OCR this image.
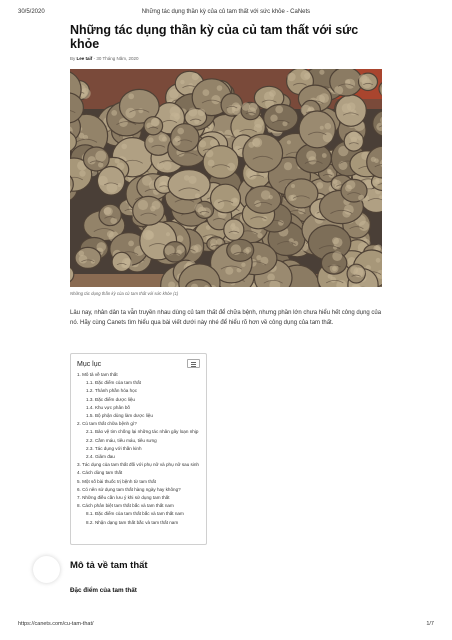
30/5/2020	Những tác dụng thần kỳ của củ tam thất với sức khỏe - CaNets
Những tác dụng thần kỳ của củ tam thất với sức khỏe
By Lee taif - 30 Tháng Năm, 2020
Những tác dụng thần kỳ của củ tam thất với sức khỏe (1)

Lâu nay, nhân dân ta vẫn truyền nhau dùng củ tam thất để chữa bệnh, nhưng phần lớn chưa hiểu hết công dụng của nó. Hãy cùng Canets tìm hiểu qua bài viết dưới này nhé để hiểu rõ hơn về công dụng của tam thất.

Mục lục
1. Mô tả về tam thất
1.1. Đặc điểm của tam thất
1.2. Thành phần hóa học
1.3. Đặc điểm dược liệu
1.4. Khu vực phân bố
1.5. Bộ phận dùng làm dược liệu
2. Củ tam thất chữa bệnh gì?
2.1. Bảo vệ tim chống lại những tác nhân gây loạn nhịp
2.2. Cầm máu, tiêu máu, tiêu sưng
2.3. Tác dụng với thần kinh
2.4. Giảm đau
3. Tác dụng của tam thất đối với phụ nữ và phụ nữ sau sinh
4. Cách dùng tam thất
5. Một số bài thuốc trị bệnh từ tam thất
6. Có nên sử dụng tam thất hàng ngày hay không?
7. Những điều cần lưu ý khi sử dụng tam thất
8. Cách phân biệt tam thất bắc và tam thất nam
8.1. Đặc điểm của tam thất bắc và tam thất nam
8.2. Nhận dạng tam thất bắc và tam thất nam
Mô tả về tam thất
Đặc điểm của tam thất
https://canets.com/cu-tam-that/	1/7
